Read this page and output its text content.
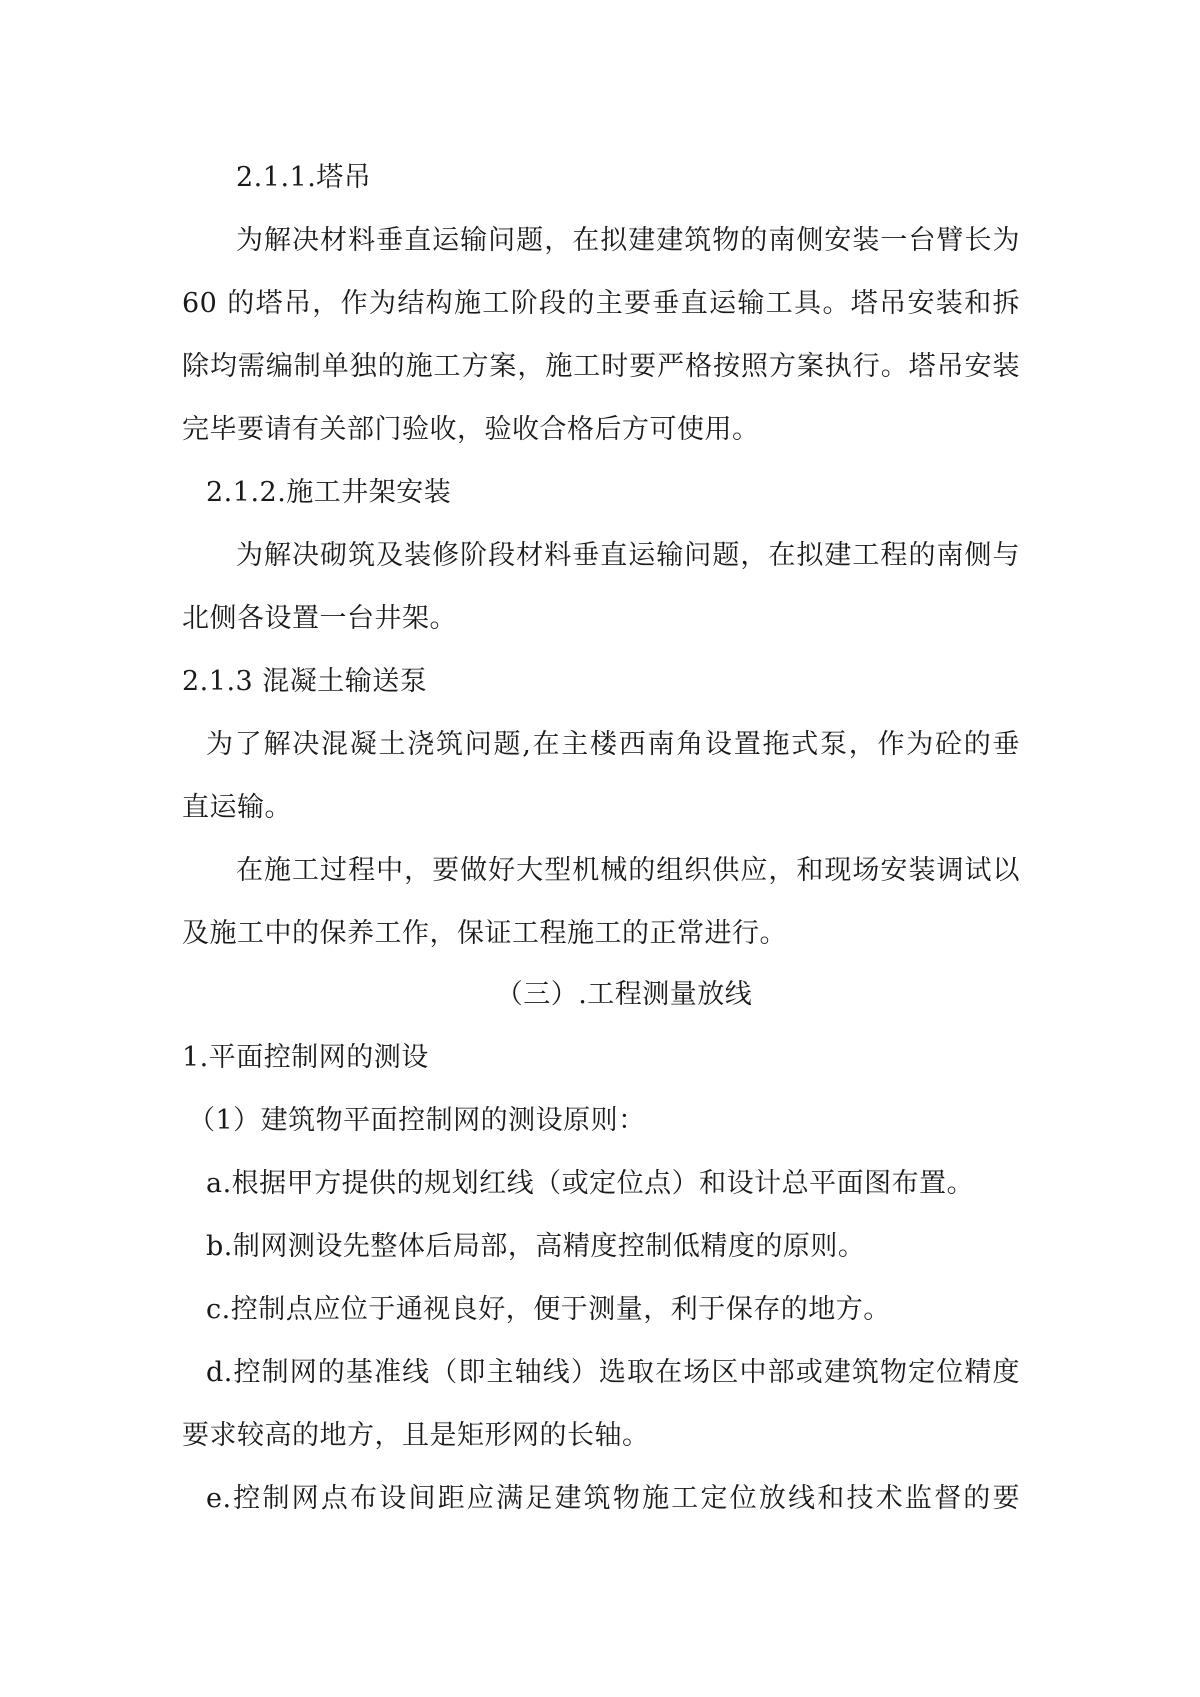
2.1.1.塔吊
为解决材料垂直运输问题，在拟建建筑物的南侧安装一台臂长为
60 的塔吊，作为结构施工阶段的主要垂直运输工具。塔吊安装和拆
除均需编制单独的施工方案，施工时要严格按照方案执行。塔吊安装
完毕要请有关部门验收，验收合格后方可使用。
2.1.2.施工井架安装
为解决砌筑及装修阶段材料垂直运输问题，在拟建工程的南侧与
北侧各设置一台井架。
2.1.3 混凝土输送泵
为了解决混凝土浇筑问题,在主楼西南角设置拖式泵，作为砼的垂
直运输。
在施工过程中，要做好大型机械的组织供应，和现场安装调试以
及施工中的保养工作，保证工程施工的正常进行。
（三）.工程测量放线
1.平面控制网的测设
（1）建筑物平面控制网的测设原则：
a.根据甲方提供的规划红线（或定位点）和设计总平面图布置。
b.制网测设先整体后局部，高精度控制低精度的原则。
c.控制点应位于通视良好，便于测量，利于保存的地方。
d.控制网的基准线（即主轴线）选取在场区中部或建筑物定位精度
要求较高的地方，且是矩形网的长轴。
e.控制网点布设间距应满足建筑物施工定位放线和技术监督的要
